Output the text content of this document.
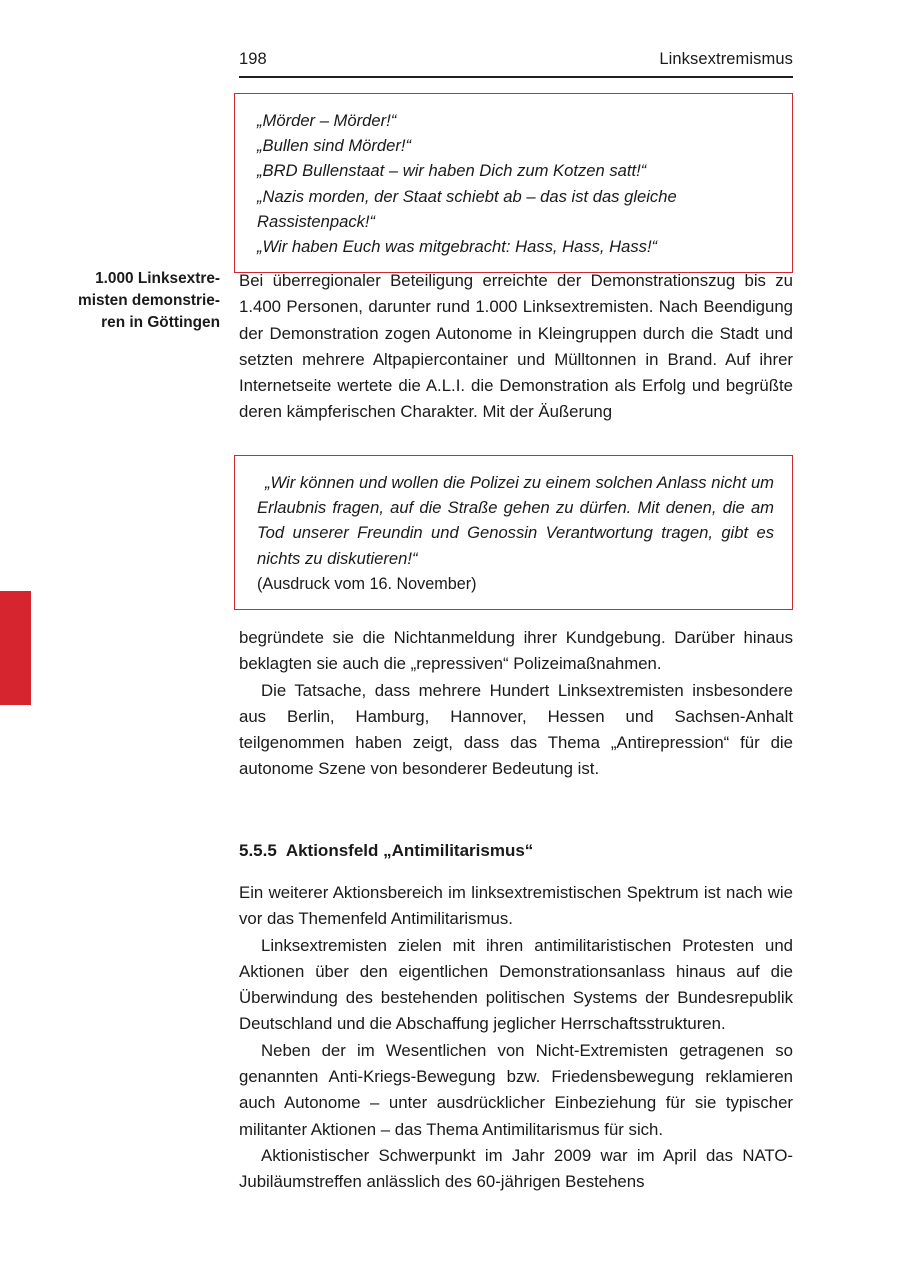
198	Linksextremismus
„Mörder – Mörder!“
„Bullen sind Mörder!“
„BRD Bullenstaat – wir haben Dich zum Kotzen satt!“
„Nazis morden, der Staat schiebt ab – das ist das gleiche Rassistenpack!“
„Wir haben Euch was mitgebracht: Hass, Hass, Hass!“
1.000 Linksextre-
misten demonstrie-
ren in Göttingen

Bei überregionaler Beteiligung erreichte der Demonstrationszug bis zu 1.400 Personen, darunter rund 1.000 Linksextremisten. Nach Beendigung der Demonstration zogen Autonome in Kleingruppen durch die Stadt und setzten mehrere Altpapiercontainer und Mülltonnen in Brand. Auf ihrer Internetseite wertete die A.L.I. die Demonstration als Erfolg und begrüßte deren kämpferischen Charakter. Mit der Äußerung

„Wir können und wollen die Polizei zu einem solchen Anlass nicht um Erlaubnis fragen, auf die Straße gehen zu dürfen. Mit denen, die am Tod unserer Freundin und Genossin Verantwortung tragen, gibt es nichts zu diskutieren!“
(Ausdruck vom 16. November)

begründete sie die Nichtanmeldung ihrer Kundgebung. Darüber hinaus beklagten sie auch die „repressiven“ Polizeimaßnahmen.

Die Tatsache, dass mehrere Hundert Linksextremisten insbesondere aus Berlin, Hamburg, Hannover, Hessen und Sachsen-Anhalt teilgenommen haben zeigt, dass das Thema „Antirepression“ für die autonome Szene von besonderer Bedeutung ist.

5.5.5 Aktionsfeld „Antimilitarismus“

Ein weiterer Aktionsbereich im linksextremistischen Spektrum ist nach wie vor das Themenfeld Antimilitarismus.

Linksextremisten zielen mit ihren antimilitaristischen Protesten und Aktionen über den eigentlichen Demonstrationsanlass hinaus auf die Überwindung des bestehenden politischen Systems der Bundesrepublik Deutschland und die Abschaffung jeglicher Herrschaftsstrukturen.

Neben der im Wesentlichen von Nicht-Extremisten getragenen so genannten Anti-Kriegs-Bewegung bzw. Friedensbewegung reklamieren auch Autonome – unter ausdrücklicher Einbeziehung für sie typischer militanter Aktionen – das Thema Antimilitarismus für sich.

Aktionistischer Schwerpunkt im Jahr 2009 war im April das NATO-Jubiläumstreffen anlässlich des 60-jährigen Bestehens
